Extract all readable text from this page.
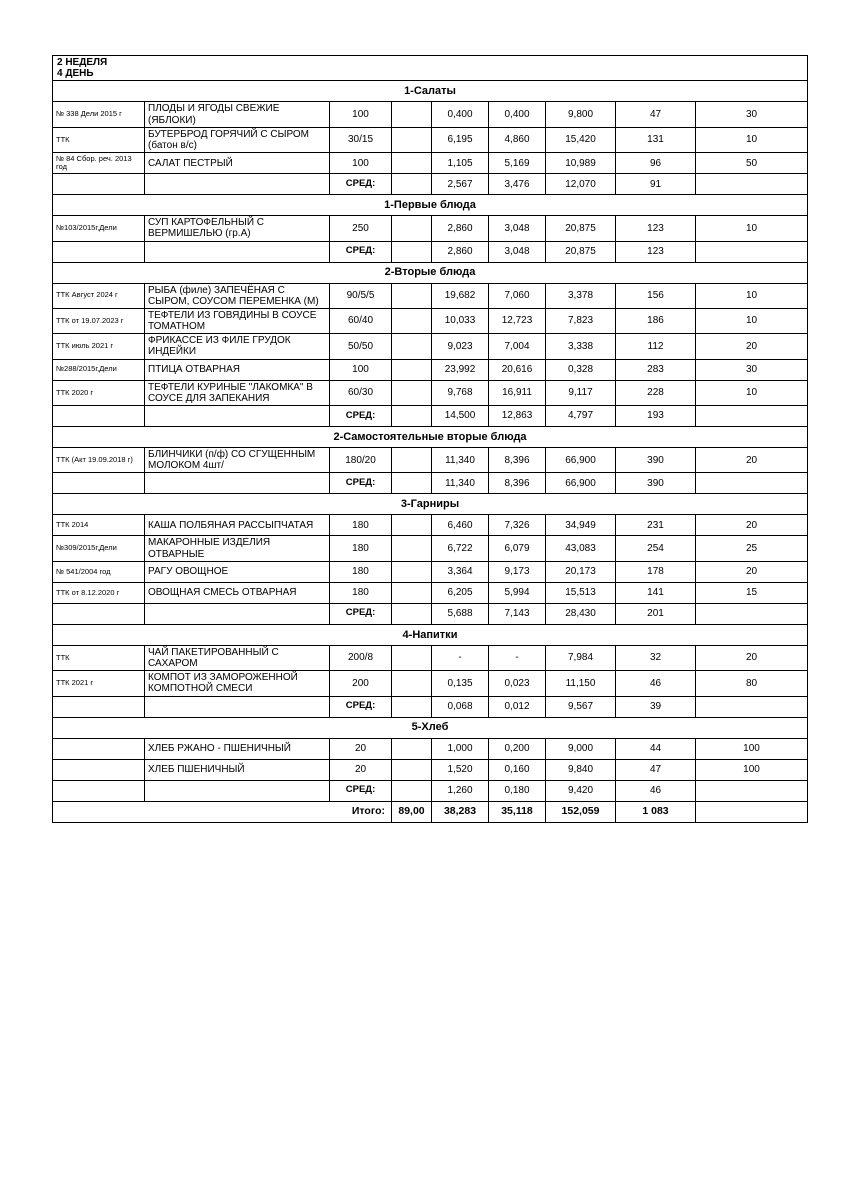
2 НЕДЕЛЯ
4 ДЕНЬ								

1-Салаты								
№ 338 Дели 2015 г	ПЛОДЫ И ЯГОДЫ СВЕЖИЕ (ЯБЛОКИ)	100		0,400	0,400	9,800	47	30
ТТК	БУТЕРБРОД ГОРЯЧИЙ С СЫРОМ (батон в/с)	30/15		6,195	4,860	15,420	131	10
№ 84 Сбор. реч. 2013 год	САЛАТ ПЕСТРЫЙ	100		1,105	5,169	10,989	96	50
		СРЕД:		2,567	3,476	12,070	91	
1-Первые блюда								
№103/2015г,Дели	СУП КАРТОФЕЛЬНЫЙ С ВЕРМИШЕЛЬЮ (гр.А)	250		2,860	3,048	20,875	123	10
		СРЕД:		2,860	3,048	20,875	123	
2-Вторые блюда								
ТТК Август 2024 г	РЫБА (филе) ЗАПЕЧЁНАЯ С СЫРОМ, СОУСОМ ПЕРЕМЕНКА (М)	90/5/5		19,682	7,060	3,378	156	10
ТТК от 19.07.2023 г	ТЕФТЕЛИ ИЗ ГОВЯДИНЫ В СОУСЕ ТОМАТНОМ	60/40		10,033	12,723	7,823	186	10
ТТК июль 2021 г	ФРИКАССЕ ИЗ ФИЛЕ ГРУДОК ИНДЕЙКИ	50/50		9,023	7,004	3,338	112	20
№288/2015г,Дели	ПТИЦА ОТВАРНАЯ	100		23,992	20,616	0,328	283	30
ТТК 2020 г	ТЕФТЕЛИ КУРИНЫЕ "ЛАКОМКА" В СОУСЕ ДЛЯ ЗАПЕКАНИЯ	60/30		9,768	16,911	9,117	228	10
		СРЕД:		14,500	12,863	4,797	193	
2-Самостоятельные вторые блюда								
ТТК (Акт 19.09.2018 г)	БЛИНЧИКИ (п/ф) СО СГУЩЕННЫМ МОЛОКОМ 4шт/	180/20		11,340	8,396	66,900	390	20
		СРЕД:		11,340	8,396	66,900	390	
3-Гарниры								
ТТК 2014	КАША ПОЛБЯНАЯ РАССЫПЧАТАЯ	180		6,460	7,326	34,949	231	20
№309/2015г,Дели	МАКАРОННЫЕ ИЗДЕЛИЯ ОТВАРНЫЕ	180		6,722	6,079	43,083	254	25
№ 541/2004 год	РАГУ ОВОЩНОЕ	180		3,364	9,173	20,173	178	20
ТТК от 8.12.2020 г	ОВОЩНАЯ СМЕСЬ ОТВАРНАЯ	180		6,205	5,994	15,513	141	15
		СРЕД:		5,688	7,143	28,430	201	
4-Напитки								
ТТК	ЧАЙ ПАКЕТИРОВАННЫЙ С САХАРОМ	200/8		-	-	7,984	32	20
ТТК 2021 г	КОМПОТ ИЗ ЗАМОРОЖЕННОЙ КОМПОТНОЙ СМЕСИ	200		0,135	0,023	11,150	46	80
		СРЕД:		0,068	0,012	9,567	39	
5-Хлеб								
	ХЛЕБ РЖАНО - ПШЕНИЧНЫЙ	20		1,000	0,200	9,000	44	100
	ХЛЕБ ПШЕНИЧНЫЙ	20		1,520	0,160	9,840	47	100
		СРЕД:		1,260	0,180	9,420	46	
Итого:			89,00	38,283	35,118	152,059	1 083	
